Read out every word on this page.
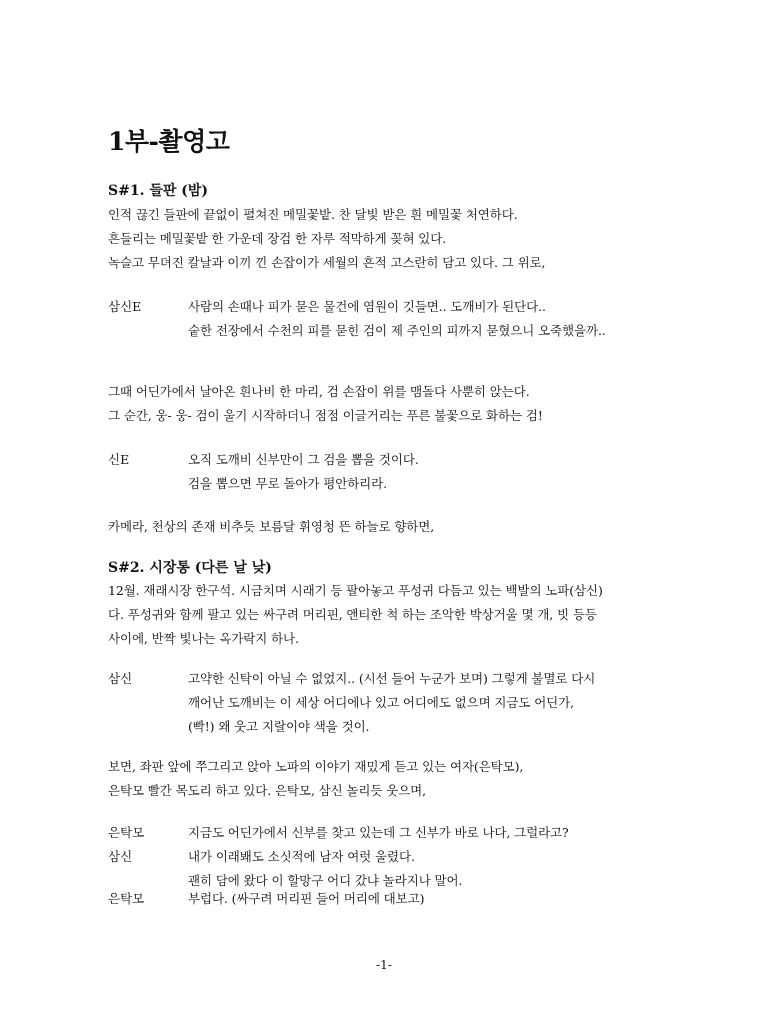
1부-촬영고
S#1. 들판 (밤)
인적 끊긴 들판에 끝없이 펼쳐진 메밀꽃밭. 찬 달빛 받은 흰 메밀꽃 처연하다.
흔들리는 메밀꽃밭 한 가운데 장검 한 자루 적막하게 꽂혀 있다.
녹슬고 무뎌진 칼날과 이끼 낀 손잡이가 세월의 흔적 고스란히 담고 있다. 그 위로,
삼신E	사람의 손때나 피가 묻은 물건에 염원이 깃들면.. 도깨비가 된단다..
숱한 전장에서 수천의 피를 묻힌 검이 제 주인의 피까지 묻혔으니 오죽했을까..
그때 어딘가에서 날아온 흰나비 한 마리, 검 손잡이 위를 맴돌다 사뿐히 앉는다.
그 순간, 웅- 웅- 검이 울기 시작하더니 점점 이글거리는 푸른 불꽃으로 화하는 검!
신E	오직 도깨비 신부만이 그 검을 뽑을 것이다.
검을 뽑으면 무로 돌아가 평안하리라.
카메라, 천상의 존재 비추듯 보름달 휘영청 뜬 하늘로 향하면,
S#2. 시장통 (다른 날 낮)
12월. 재래시장 한구석. 시금치며 시래기 등 팔아놓고 푸성귀 다듬고 있는 백발의 노파(삼신)
다. 푸성귀와 함께 팔고 있는 싸구려 머리핀, 앤티한 척 하는 조악한 박상거울 몇 개, 빗 등등
사이에, 반짝 빛나는 옥가락지 하나.
삼신	고약한 신탁이 아닐 수 없었지.. (시선 들어 누군가 보며) 그렇게 불멸로 다시
깨어난 도깨비는 이 세상 어디에나 있고 어디에도 없으며 지금도 어딘가,
(빡!) 왜 웃고 지랄이야 색을 것이.
보면, 좌판 앞에 쭈그리고 앉아 노파의 이야기 재밌게 듣고 있는 여자(은탁모),
은탁모 빨간 목도리 하고 있다. 은탁모, 삼신 놀리듯 웃으며,
은탁모	지금도 어딘가에서 신부를 찾고 있는데 그 신부가 바로 나다, 그럴라고?
삼신	내가 이래봬도 소싯적에 남자 여럿 울렸다.
괜히 담에 왔다 이 할망구 어디 갔냐 놀라지나 말어.
은탁모	부럽다. (싸구려 머리핀 들어 머리에 대보고)
-1-
